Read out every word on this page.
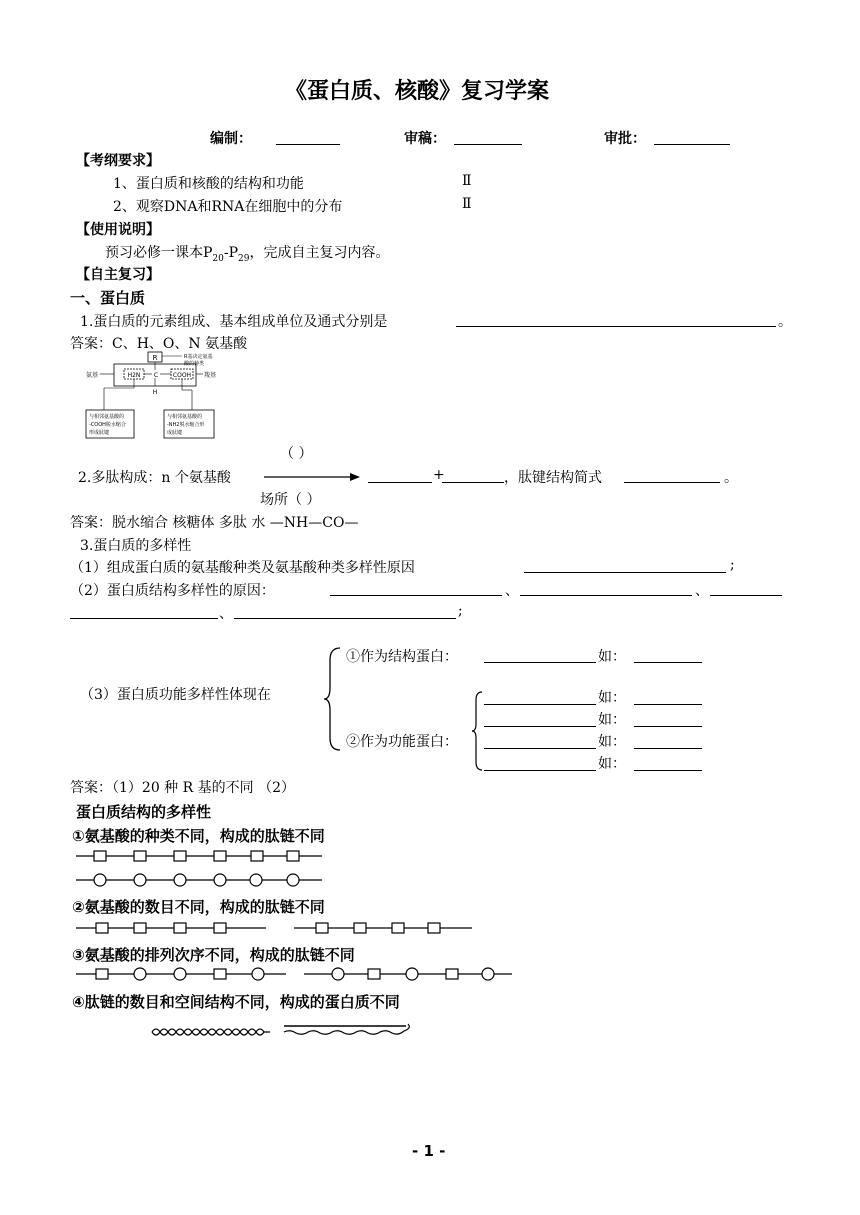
《蛋白质、核酸》复习学案
编制：	审稿：	审批：
【考纲要求】
1、蛋白质和核酸的结构和功能	Ⅱ
2、观察DNA和RNA在细胞中的分布	Ⅱ
【使用说明】
预习必修一课本$P_{20}-P_{29}$，完成自主复习内容。
【自主复习】
一、蛋白质
1.蛋白质的元素组成、基本组成单位及通式分别是	。
答案：C、H、O、N 氨基酸
R	R基决定氨基
酸的种类
H2N	COOH
C
H
氨基	羧基
与相邻氨基酸的
-COOH脱水缩合
形成肽键
与相邻氨基酸的
-NH2脱水缩合形
成肽键
（ ）
2.多肽构成：n 个氨基酸	+	，肽键结构简式	。
场所（ ）
答案：脱水缩合 核糖体 多肽 水 —NH—CO—
3.蛋白质的多样性
（1）组成蛋白质的氨基酸种类及氨基酸种类多样性原因	;
（2）蛋白质结构多样性的原因：	、	、
、	;
（3）蛋白质功能多样性体现在
①作为结构蛋白：	如：
②作为功能蛋白：
如：
如：
如：
如：
答案：（1）20 种 R 基的不同 （2）
蛋白质结构的多样性
①氨基酸的种类不同，构成的肽链不同
②氨基酸的数目不同，构成的肽链不同
③氨基酸的排列次序不同，构成的肽链不同
④肽链的数目和空间结构不同，构成的蛋白质不同
- 1 -
